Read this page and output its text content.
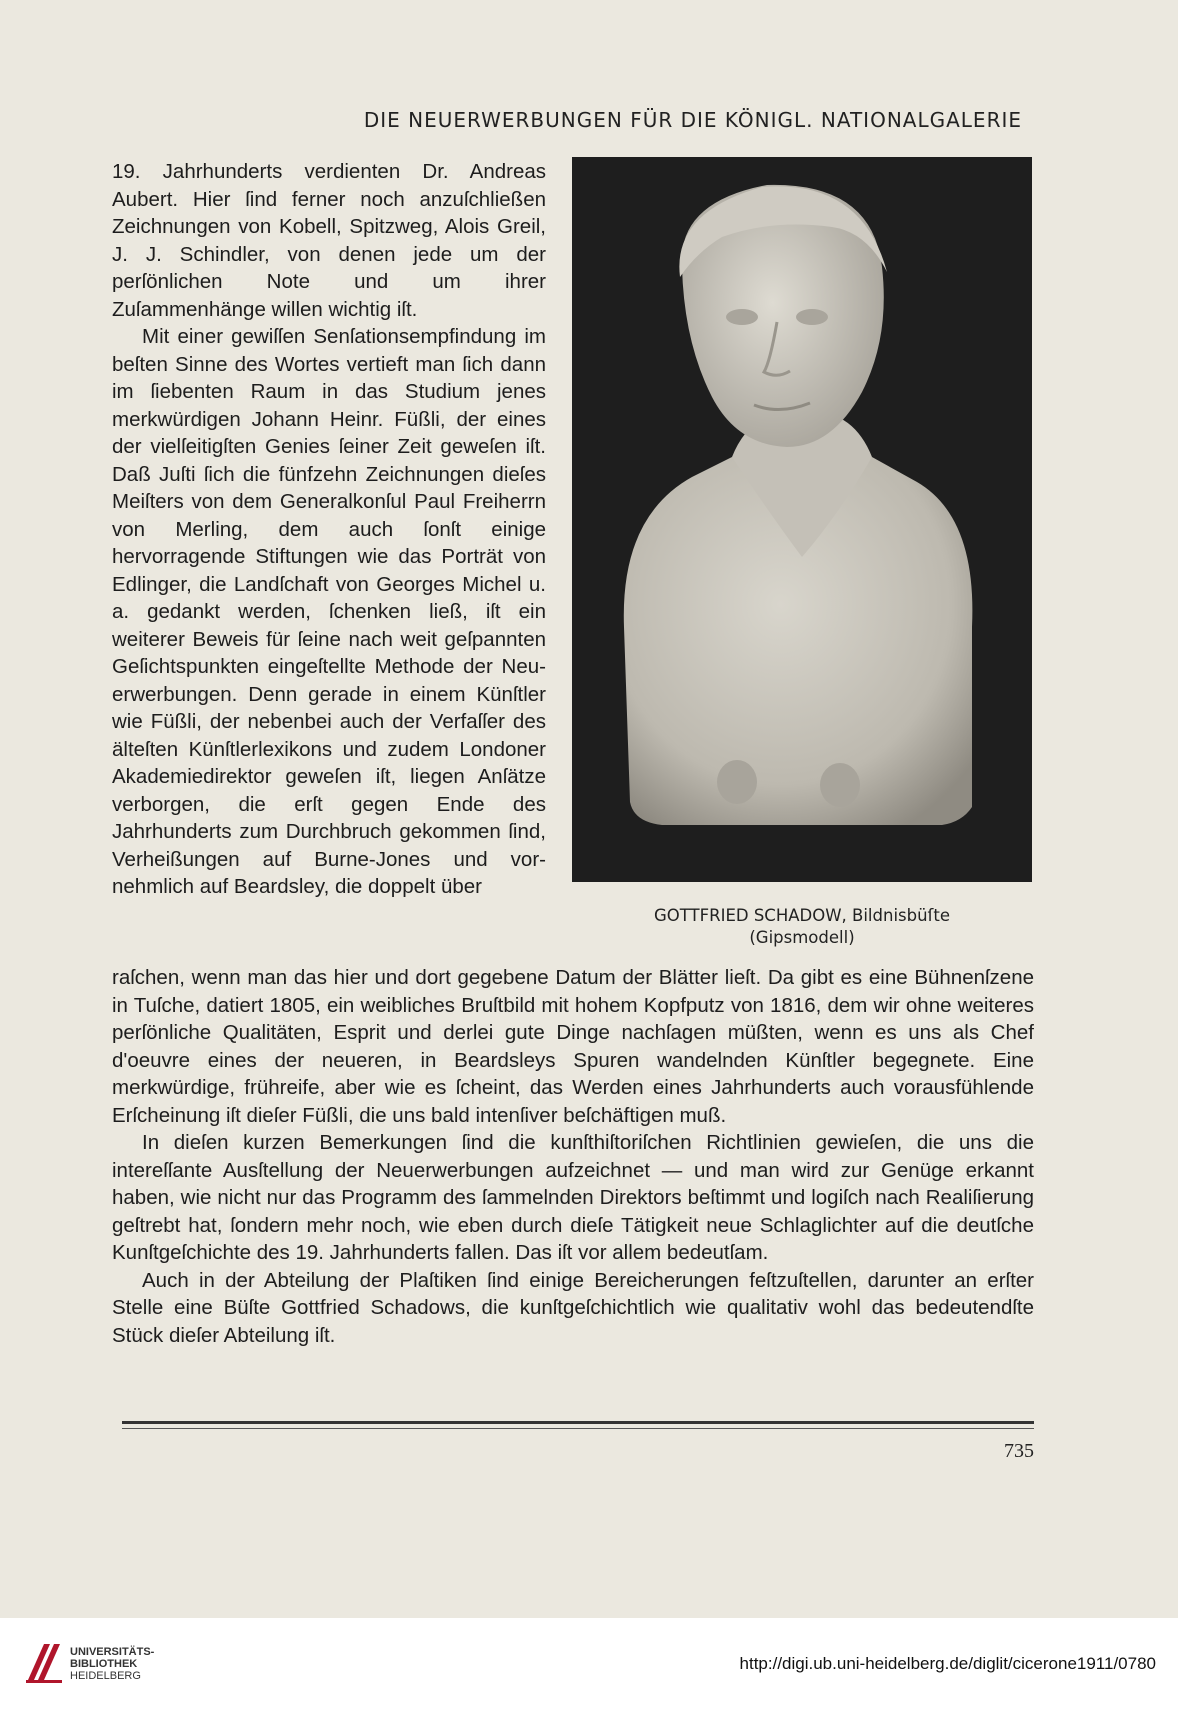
DIE NEUERWERBUNGEN FÜR DIE KÖNIGL. NATIONALGALERIE

19. Jahrhunderts verdienten Dr. Andreas Aubert. Hier ſind ferner noch anzuſchließen Zeichnungen von Kobell, Spitzweg, Alois Greil, J. J. Schindler, von denen jede um der perſönlichen Note und um ihrer Zuſammenhänge willen wichtig iſt.

Mit einer gewiſſen Senſationsempfindung im beſten Sinne des Wortes vertieft man ſich dann im ſiebenten Raum in das Studium jenes merkwürdigen Johann Heinr. Füßli, der eines der vielſeitigſten Genies ſeiner Zeit geweſen iſt. Daß Juſti ſich die fünfzehn Zeichnungen dieſes Meiſters von dem Generalkonſul Paul Freiherrn von Merling, dem auch ſonſt einige hervorragende Stiftungen wie das Porträt von Edlinger, die Landſchaft von Georges Michel u. a. gedankt werden, ſchenken ließ, iſt ein weiterer Beweis für ſeine nach weit geſpannten Geſichtspunkten eingeſtellte Methode der Neuerwerbungen. Denn gerade in einem Künſtler wie Füßli, der nebenbei auch der Verfaſſer des älteſten Künſtlerlexikons und zudem Londoner Akademiedirektor geweſen iſt, liegen Anſätze verborgen, die erſt gegen Ende des Jahrhunderts zum Durchbruch gekommen ſind, Verheißungen auf Burne-Jones und vornehmlich auf Beardsley, die doppelt über

GOTTFRIED SCHADOW, Bildnisbüſte
(Gipsmodell)

raſchen, wenn man das hier und dort gegebene Datum der Blätter lieſt. Da gibt es eine Bühnenſzene in Tuſche, datiert 1805, ein weibliches Bruſtbild mit hohem Kopfputz von 1816, dem wir ohne weiteres perſönliche Qualitäten, Esprit und derlei gute Dinge nachſagen müßten, wenn es uns als Chef d'oeuvre eines der neueren, in Beardsleys Spuren wandelnden Künſtler begegnete. Eine merkwürdige, frühreife, aber wie es ſcheint, das Werden eines Jahrhunderts auch vorausfühlende Erſcheinung iſt dieſer Füßli, die uns bald intenſiver beſchäftigen muß.

In dieſen kurzen Bemerkungen ſind die kunſthiſtoriſchen Richtlinien gewieſen, die uns die intereſſante Ausſtellung der Neuerwerbungen aufzeichnet — und man wird zur Genüge erkannt haben, wie nicht nur das Programm des ſammelnden Direktors beſtimmt und logiſch nach Realiſierung geſtrebt hat, ſondern mehr noch, wie eben durch dieſe Tätigkeit neue Schlaglichter auf die deutſche Kunſtgeſchichte des 19. Jahrhunderts fallen. Das iſt vor allem bedeutſam.

Auch in der Abteilung der Plaſtiken ſind einige Bereicherungen feſtzuſtellen, darunter an erſter Stelle eine Büſte Gottfried Schadows, die kunſtgeſchichtlich wie qualitativ wohl das bedeutendſte Stück dieſer Abteilung iſt.

735
UNIVERSITÄTS-
BIBLIOTHEK
HEIDELBERG
http://digi.ub.uni-heidelberg.de/diglit/cicerone1911/0780
